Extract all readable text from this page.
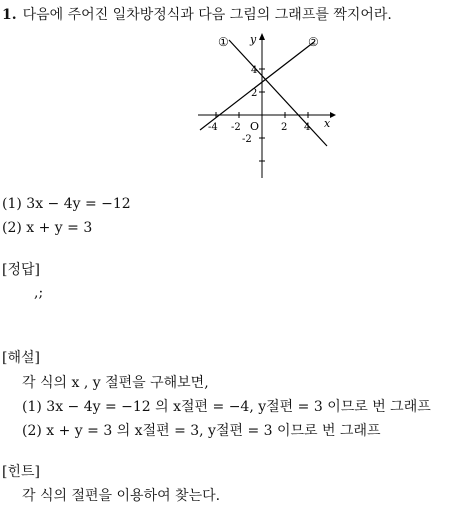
1. 다음에 주어진 일차방정식과 다음 그림의 그래프를 짝지어라.
①	②
y
x
O
-4 -2	2 4
4
2
-2
(1) 3x − 4y = −12
(2) x + y = 3
[정답]
,;
[해설]
각 식의 x , y 절편을 구해보면,
(1) 3x − 4y = −12 의 x절편 = −4, y절편 = 3 이므로 번 그래프
(2) x + y = 3 의 x절편 = 3, y절편 = 3 이므로 번 그래프
[힌트]
각 식의 절편을 이용하여 찾는다.
